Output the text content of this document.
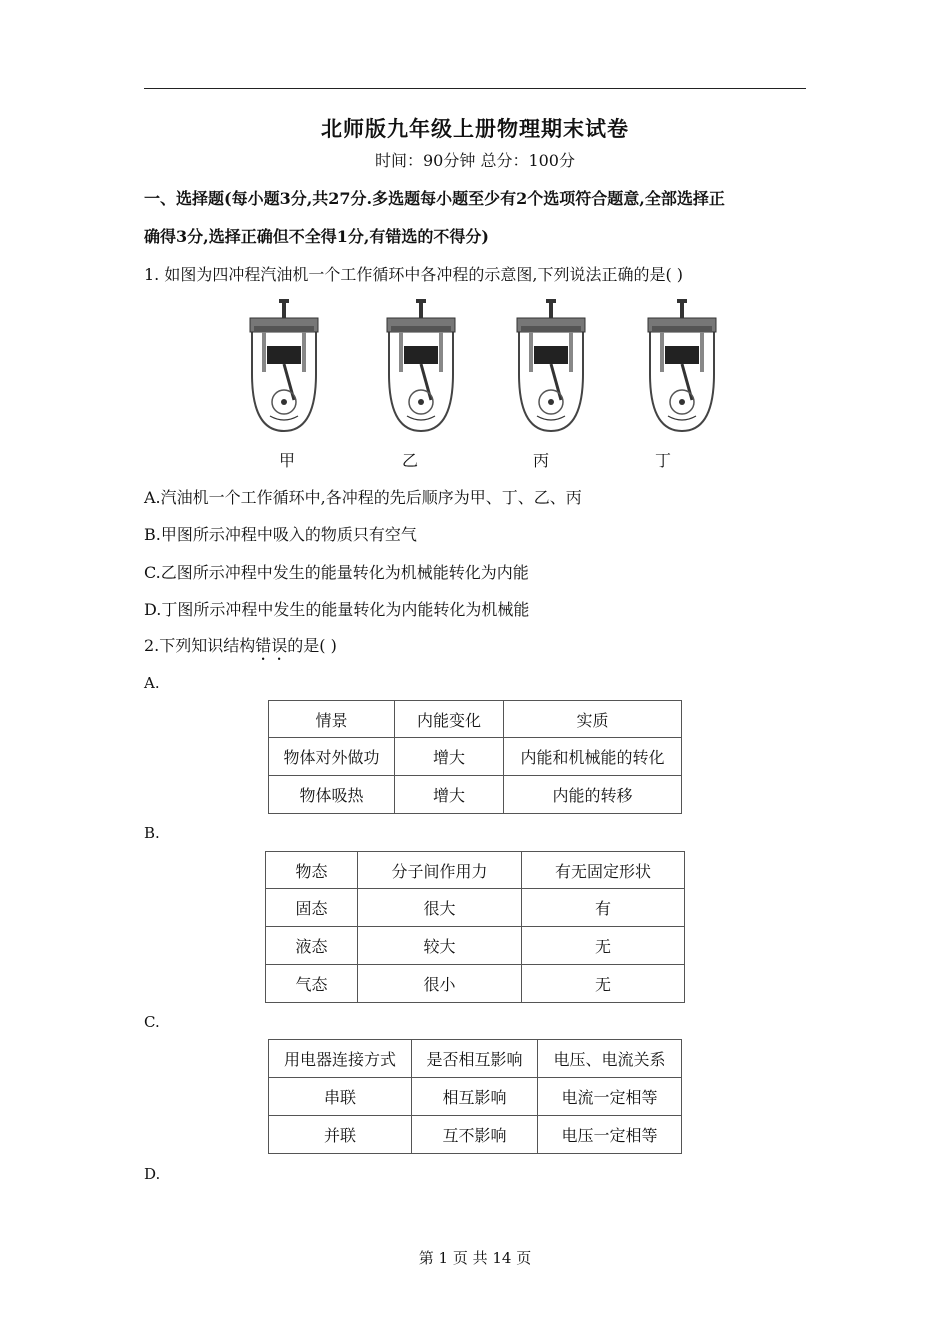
北师版九年级上册物理期末试卷
时间：90分钟 总分：100分
一、选择题(每小题3分,共27分.多选题每小题至少有2个选项符合题意,全部选择正
确得3分,选择正确但不全得1分,有错选的不得分)
1. 如图为四冲程汽油机一个工作循环中各冲程的示意图,下列说法正确的是( )
甲	乙	丙	丁
A.汽油机一个工作循环中,各冲程的先后顺序为甲、丁、乙、丙
B.甲图所示冲程中吸入的物质只有空气
C.乙图所示冲程中发生的能量转化为机械能转化为内能
D.丁图所示冲程中发生的能量转化为内能转化为机械能
2.下列知识结构错误的是( )
A.
情景	内能变化	实质
物体对外做功	增大	内能和机械能的转化
物体吸热	增大	内能的转移
B.
物态	分子间作用力	有无固定形状
固态	很大	有
液态	较大	无
气态	很小	无
C.
用电器连接方式	是否相互影响	电压、电流关系
串联	相互影响	电流一定相等
并联	互不影响	电压一定相等
D.
第 1 页 共 14 页
